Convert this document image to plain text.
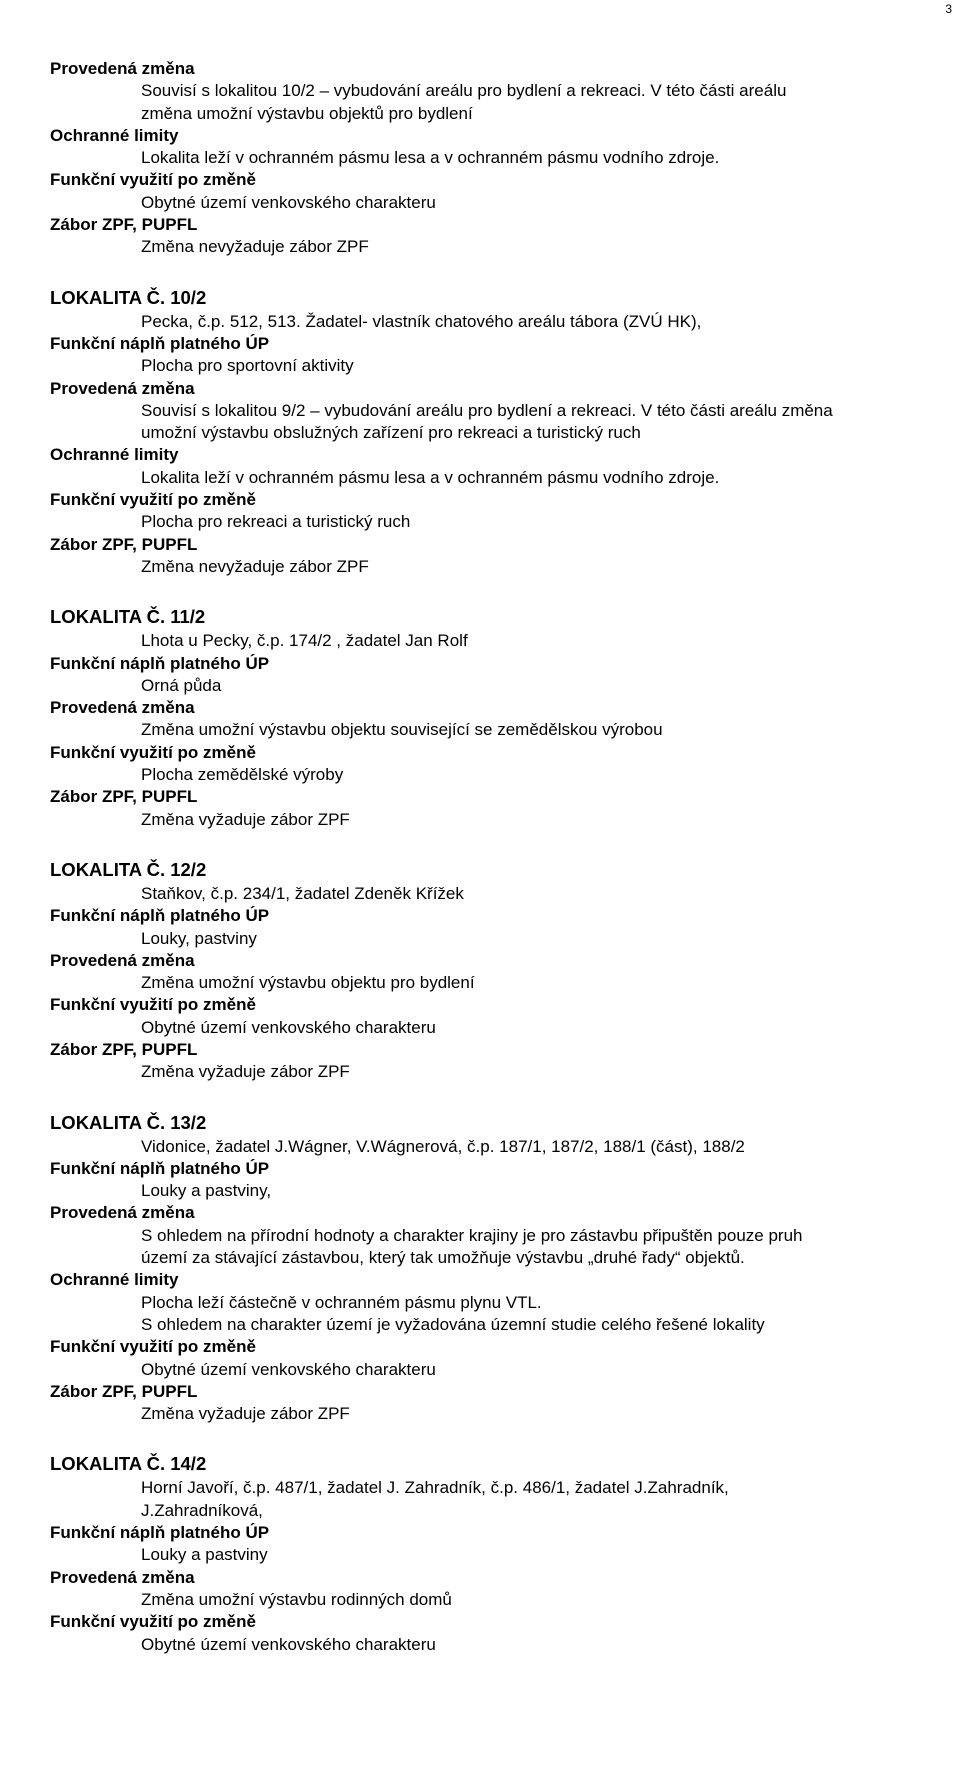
3
Provedená změna
Souvisí s lokalitou 10/2 – vybudování areálu pro bydlení a rekreaci. V této části areálu
změna umožní výstavbu objektů pro bydlení
Ochranné limity
Lokalita leží v ochranném pásmu lesa a v ochranném pásmu vodního zdroje.
Funkční využití po změně
Obytné území venkovského charakteru
Zábor ZPF, PUPFL
Změna nevyžaduje zábor ZPF
LOKALITA Č. 10/2
Pecka, č.p. 512, 513. Žadatel- vlastník chatového areálu tábora (ZVÚ HK),
Funkční náplň platného ÚP
Plocha pro sportovní aktivity
Provedená změna
Souvisí s lokalitou 9/2 – vybudování areálu pro bydlení a rekreaci. V této části areálu změna
umožní výstavbu obslužných zařízení pro rekreaci a turistický ruch
Ochranné limity
Lokalita leží v ochranném pásmu lesa a v ochranném pásmu vodního zdroje.
Funkční využití po změně
Plocha pro rekreaci a turistický ruch
Zábor ZPF, PUPFL
Změna nevyžaduje zábor ZPF
LOKALITA Č. 11/2
Lhota u Pecky, č.p. 174/2 , žadatel Jan Rolf
Funkční náplň platného ÚP
Orná půda
Provedená změna
Změna umožní výstavbu objektu související se zemědělskou výrobou
Funkční využití po změně
Plocha zemědělské výroby
Zábor ZPF, PUPFL
Změna vyžaduje zábor ZPF
LOKALITA Č. 12/2
Staňkov, č.p. 234/1, žadatel Zdeněk Křížek
Funkční náplň platného ÚP
Louky, pastviny
Provedená změna
Změna umožní výstavbu objektu pro bydlení
Funkční využití po změně
Obytné území venkovského charakteru
Zábor ZPF, PUPFL
Změna vyžaduje zábor ZPF
LOKALITA Č. 13/2
Vidonice, žadatel J.Wágner, V.Wágnerová, č.p. 187/1, 187/2, 188/1 (část), 188/2
Funkční náplň platného ÚP
Louky a pastviny,
Provedená změna
S ohledem na přírodní hodnoty a charakter krajiny je pro zástavbu připuštěn pouze pruh
území za stávající zástavbou, který tak umožňuje výstavbu „druhé řady“ objektů.
Ochranné limity
Plocha leží částečně v ochranném pásmu plynu VTL.
S ohledem na charakter území je vyžadována územní studie celého řešené lokality
Funkční využití po změně
Obytné území venkovského charakteru
Zábor ZPF, PUPFL
Změna vyžaduje zábor ZPF
LOKALITA Č. 14/2
Horní Javoří, č.p. 487/1, žadatel J. Zahradník, č.p. 486/1, žadatel J.Zahradník,
J.Zahradníková,
Funkční náplň platného ÚP
Louky a pastviny
Provedená změna
Změna umožní výstavbu rodinných domů
Funkční využití po změně
Obytné území venkovského charakteru
